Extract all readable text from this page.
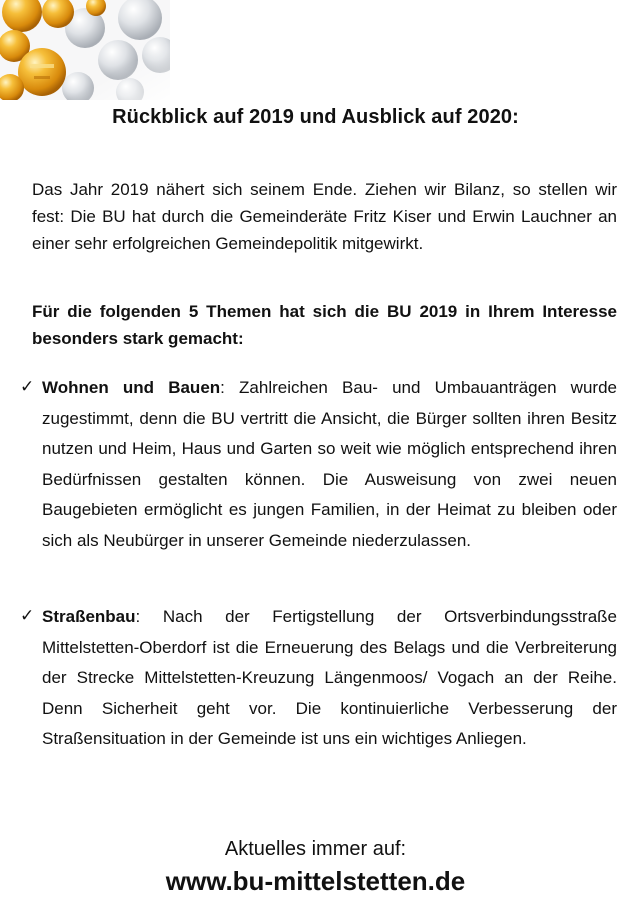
Rückblick auf 2019 und Ausblick auf 2020:

Das Jahr 2019 nähert sich seinem Ende. Ziehen wir Bilanz, so stellen wir fest: Die BU hat durch die Gemeinderäte Fritz Kiser und Erwin Lauchner an einer sehr erfolgreichen Gemeindepolitik mitgewirkt.

Für die folgenden 5 Themen hat sich die BU 2019 in Ihrem Interesse besonders stark gemacht:

✓ Wohnen und Bauen: Zahlreichen Bau- und Umbauanträgen wurde zugestimmt, denn die BU vertritt die Ansicht, die Bürger sollten ihren Besitz nutzen und Heim, Haus und Garten so weit wie möglich entsprechend ihren Bedürfnissen gestalten können. Die Ausweisung von zwei neuen Baugebieten ermöglicht es jungen Familien, in der Heimat zu bleiben oder sich als Neubürger in unserer Gemeinde niederzulassen.
✓ Straßenbau: Nach der Fertigstellung der Ortsverbindungsstraße Mittelstetten-Oberdorf ist die Erneuerung des Belags und die Verbreiterung der Strecke Mittelstetten-Kreuzung Längenmoos/ Vogach an der Reihe. Denn Sicherheit geht vor. Die kontinuierliche Verbesserung der Straßensituation in der Gemeinde ist uns ein wichtiges Anliegen.
Aktuelles immer auf:
www.bu-mittelstetten.de
